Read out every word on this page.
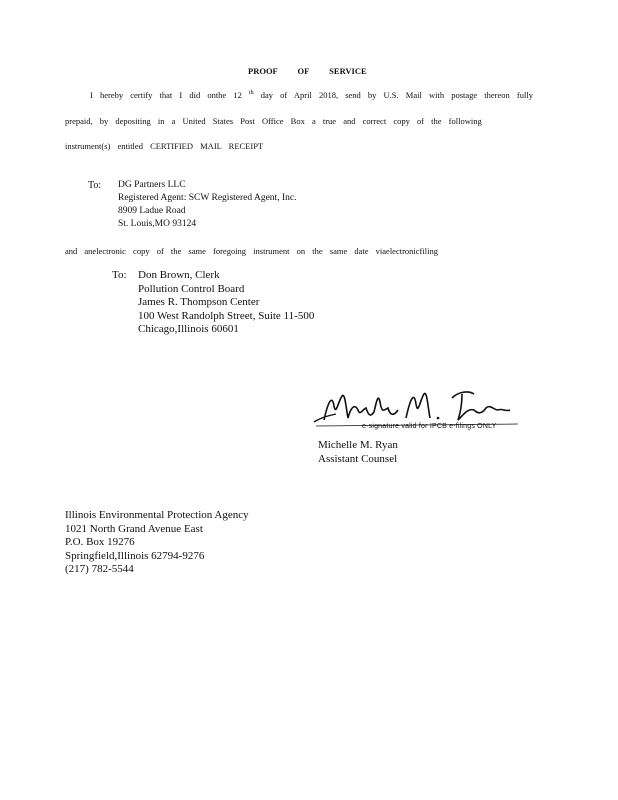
PROOF OF SERVICE
I hereby certify that I did onthe 12 $^{th}$ day of April 2018, send by U.S. Mail with postage thereon fully
prepaid, by depositing in a United States Post Office Box a true and correct copy of the following
instrument(s) entitled CERTIFIED MAIL RECEIPT
To: DG Partners LLC
Registered Agent: SCW Registered Agent, Inc.
8909 Ladue Road
St. Louis,MO 93124
and anelectronic copy of the same foregoing instrument on the same date viaelectronicfiling
To: Don Brown, Clerk
Pollution Control Board
James R. Thompson Center
100 West Randolph Street, Suite 11-500
Chicago,Illinois 60601
e-signature valid for IPCB e-filings ONLY
Michelle M. Ryan
Assistant Counsel
Illinois Environmental Protection Agency
1021 North Grand Avenue East
P.O. Box 19276
Springfield,Illinois 62794-9276
(217) 782-5544
